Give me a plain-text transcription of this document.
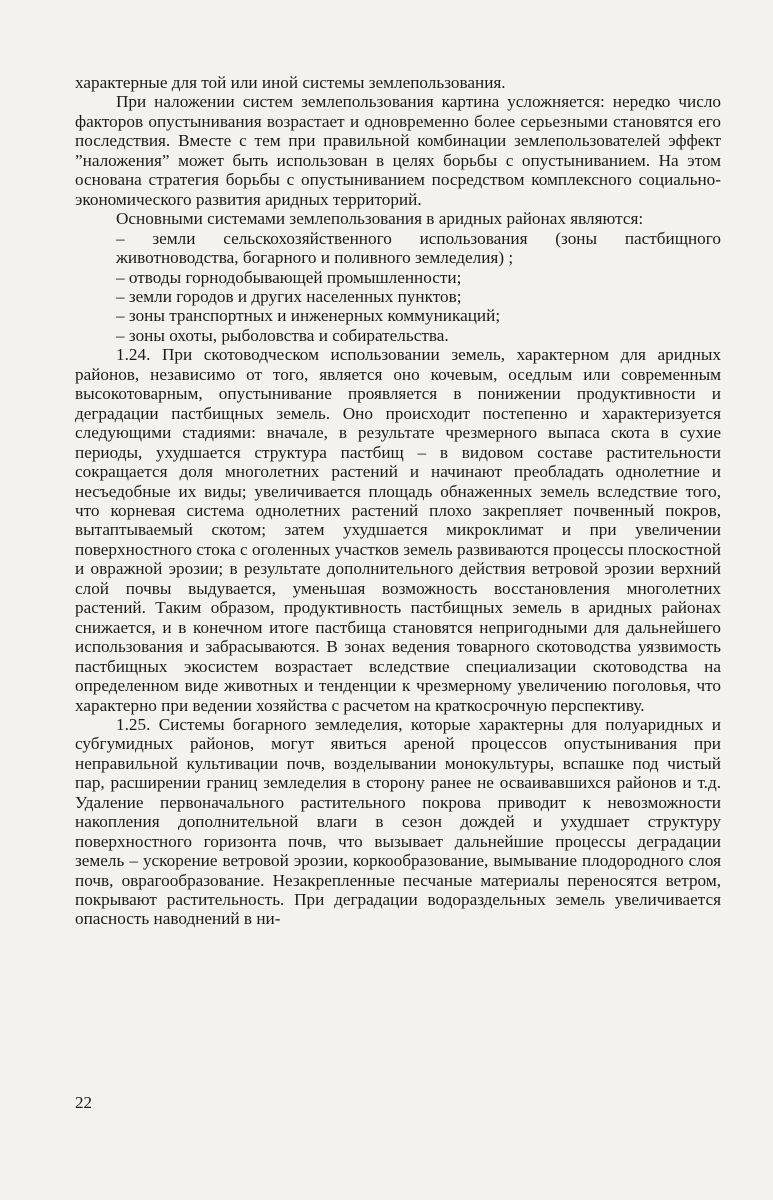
характерные для той или иной системы землепользования.

При наложении систем землепользования картина усложняется: нередко число факторов опустынивания возрастает и одновременно более серьезными становятся его последствия. Вместе с тем при правильной комбинации землепользователей эффект ”наложения” может быть использован в целях борьбы с опустыниванием. На этом основана стратегия борьбы с опустыниванием посредством комплексного социально-экономического развития аридных территорий.

Основными системами землепользования в аридных районах являются:

– земли сельскохозяйственного использования (зоны пастбищного животноводства, богарного и поливного земледелия) ;

– отводы горнодобывающей промышленности;

– земли городов и других населенных пунктов;

– зоны транспортных и инженерных коммуникаций;

– зоны охоты, рыболовства и собирательства.

1.24. При скотоводческом использовании земель, характерном для аридных районов, независимо от того, является оно кочевым, оседлым или современным высокотоварным, опустынивание проявляется в понижении продуктивности и деградации пастбищных земель. Оно происходит постепенно и характеризуется следующими стадиями: вначале, в результате чрезмерного выпаса скота в сухие периоды, ухудшается структура пастбищ – в видовом составе растительности сокращается доля многолетних растений и начинают преобладать однолетние и несъедобные их виды; увеличивается площадь обнаженных земель вследствие того, что корневая система однолетних растений плохо закрепляет почвенный покров, вытаптываемый скотом; затем ухудшается микроклимат и при увеличении поверхностного стока с оголенных участков земель развиваются процессы плоскостной и овражной эрозии; в результате дополнительного действия ветровой эрозии верхний слой почвы выдувается, уменьшая возможность восстановления многолетних растений. Таким образом, продуктивность пастбищных земель в аридных районах снижается, и в конечном итоге пастбища становятся непригодными для дальнейшего использования и забрасываются. В зонах ведения товарного скотоводства уязвимость пастбищных экосистем возрастает вследствие специализации скотоводства на определенном виде животных и тенденции к чрезмерному увеличению поголовья, что характерно при ведении хозяйства с расчетом на краткосрочную перспективу.

1.25. Системы богарного земледелия, которые характерны для полуаридных и субгумидных районов, могут явиться ареной процессов опустынивания при неправильной культивации почв, возделывании монокультуры, вспашке под чистый пар, расширении границ земледелия в сторону ранее не осваивавшихся районов и т.д. Удаление первоначального растительного покрова приводит к невозможности накопления дополнительной влаги в сезон дождей и ухудшает структуру поверхностного горизонта почв, что вызывает дальнейшие процессы деградации земель – ускорение ветровой эрозии, коркообразование, вымывание плодородного слоя почв, оврагообразование. Незакрепленные песчаные материалы переносятся ветром, покрывают растительность. При деградации водораздельных земель увеличивается опасность наводнений в ни-

22
